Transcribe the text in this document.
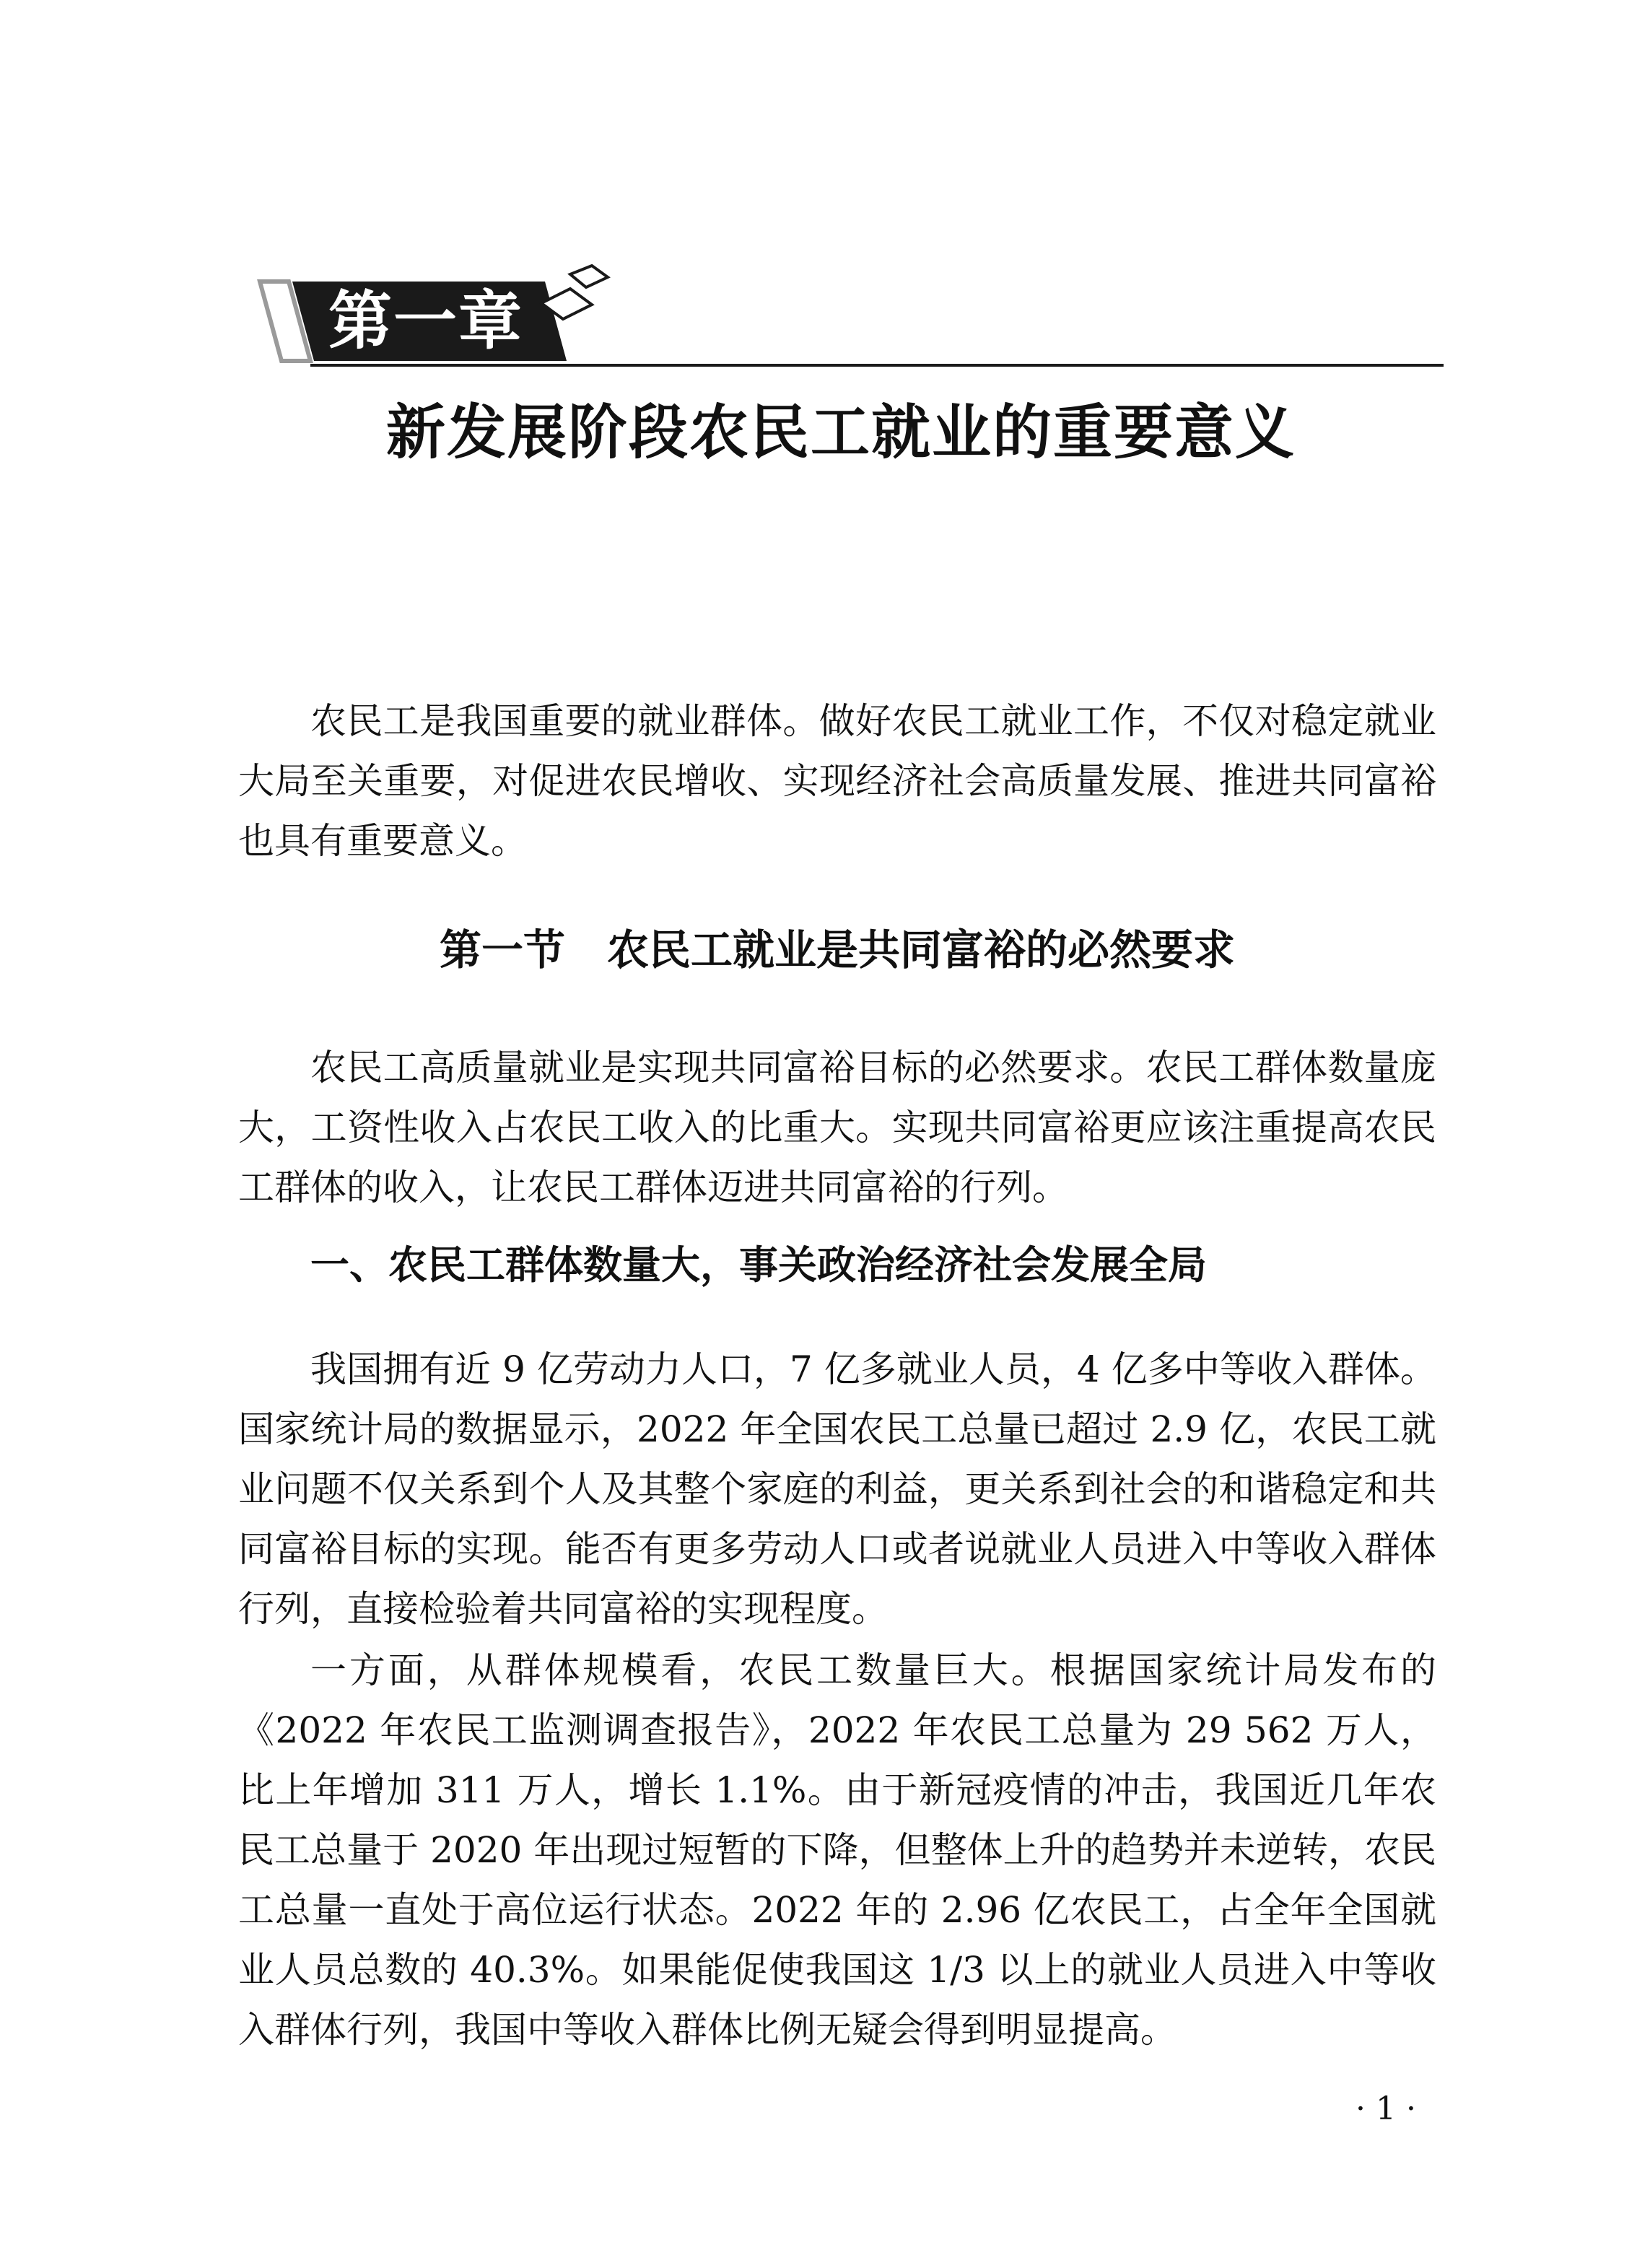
第一章
新发展阶段农民工就业的重要意义

农民工是我国重要的就业群体。做好农民工就业工作，不仅对稳定就业大局至关重要，对促进农民增收、实现经济社会高质量发展、推进共同富裕也具有重要意义。

第一节　农民工就业是共同富裕的必然要求

农民工高质量就业是实现共同富裕目标的必然要求。农民工群体数量庞大，工资性收入占农民工收入的比重大。实现共同富裕更应该注重提高农民工群体的收入，让农民工群体迈进共同富裕的行列。

一、农民工群体数量大，事关政治经济社会发展全局

我国拥有近 9 亿劳动力人口，7 亿多就业人员，4 亿多中等收入群体。国家统计局的数据显示，2022 年全国农民工总量已超过 2.9 亿，农民工就业问题不仅关系到个人及其整个家庭的利益，更关系到社会的和谐稳定和共同富裕目标的实现。能否有更多劳动人口或者说就业人员进入中等收入群体行列，直接检验着共同富裕的实现程度。

一方面，从群体规模看，农民工数量巨大。根据国家统计局发布的《2022 年农民工监测调查报告》，2022 年农民工总量为 29 562 万人，比上年增加 311 万人，增长 1.1%。由于新冠疫情的冲击，我国近几年农民工总量于 2020 年出现过短暂的下降，但整体上升的趋势并未逆转，农民工总量一直处于高位运行状态。2022 年的 2.96 亿农民工，占全年全国就业人员总数的 40.3%。如果能促使我国这 1/3 以上的就业人员进入中等收入群体行列，我国中等收入群体比例无疑会得到明显提高。

· 1 ·
